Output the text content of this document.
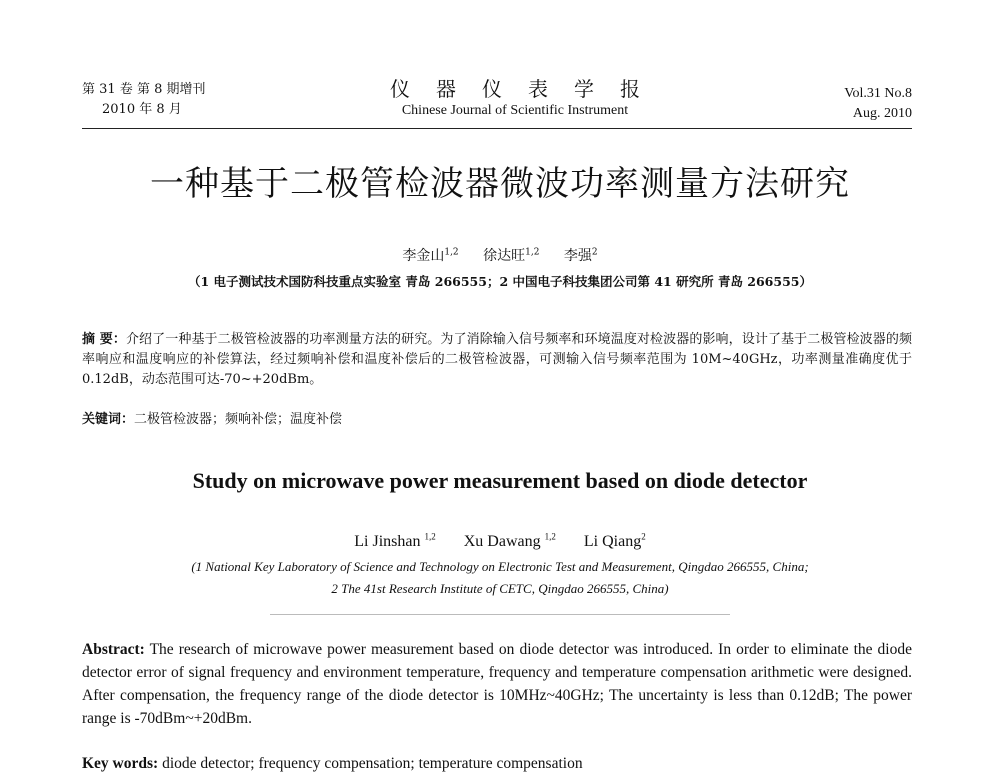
第 31 卷 第 8 期增刊
2010 年 8 月
仪器仪表学报
Chinese Journal of Scientific Instrument
Vol.31 No.8
Aug. 2010
一种基于二极管检波器微波功率测量方法研究
李金山$^{1,2}$ 徐达旺$^{1,2}$ 李强$^2$
（1 电子测试技术国防科技重点实验室 青岛 266555；2 中国电子科技集团公司第 41 研究所 青岛 266555）
摘 要：介绍了一种基于二极管检波器的功率测量方法的研究。为了消除输入信号频率和环境温度对检波器的影响，设计了基于二极管检波器的频率响应和温度响应的补偿算法，经过频响补偿和温度补偿后的二极管检波器，可测输入信号频率范围为 10M~40GHz，功率测量准确度优于 0.12dB，动态范围可达-70~+20dBm。
关键词：二极管检波器；频响补偿；温度补偿
Study on microwave power measurement based on diode detector
Li Jinshan $^{1,2}$ Xu Dawang $^{1,2}$ Li Qiang$^2$
(1 National Key Laboratory of Science and Technology on Electronic Test and Measurement, Qingdao 266555, China;
2 The 41st Research Institute of CETC, Qingdao 266555, China)
Abstract: The research of microwave power measurement based on diode detector was introduced. In order to eliminate the diode detector error of signal frequency and environment temperature, frequency and temperature compensation arithmetic were designed. After compensation, the frequency range of the diode detector is 10MHz~40GHz; The uncertainty is less than 0.12dB; The power range is -70dBm~+20dBm.
Key words: diode detector; frequency compensation; temperature compensation
